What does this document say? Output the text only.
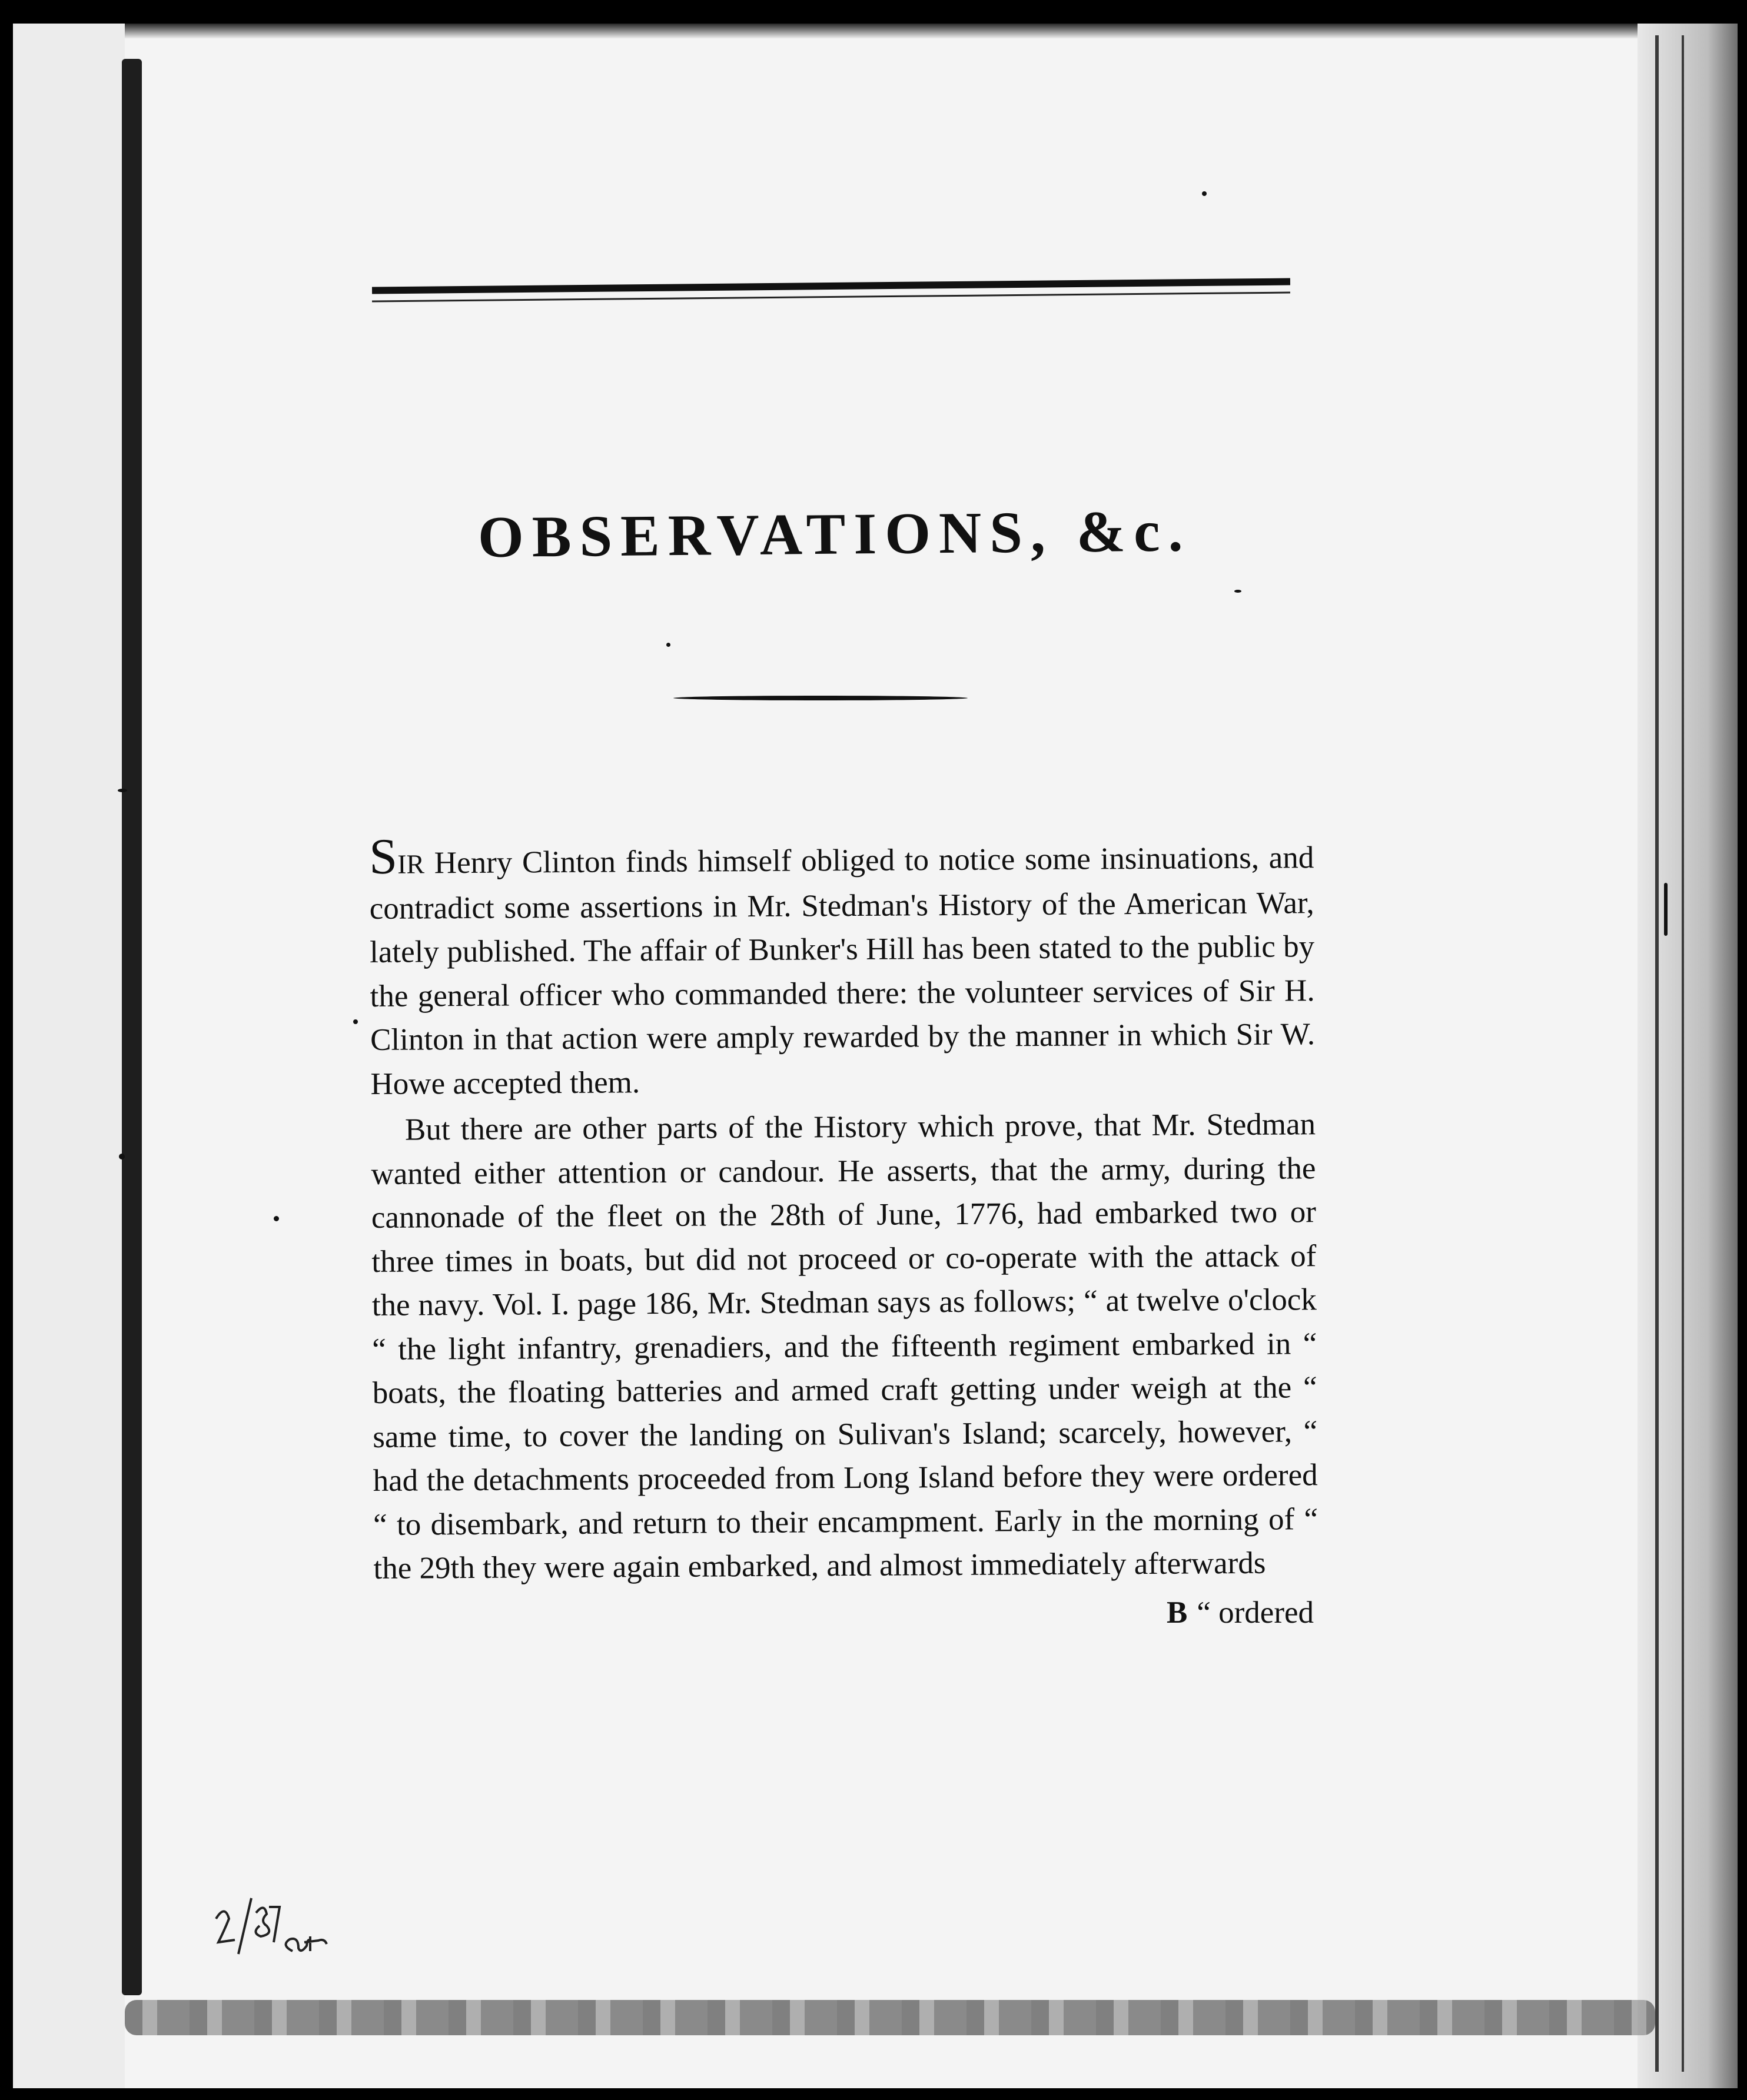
OBSERVATIONS, &c.

SIR Henry Clinton finds himself obliged to notice some insinuations, and contradict some assertions in Mr. Stedman's History of the American War, lately published. The affair of Bunker's Hill has been stated to the public by the general officer who commanded there: the volunteer services of Sir H. Clinton in that action were amply rewarded by the manner in which Sir W. Howe accepted them.

But there are other parts of the History which prove, that Mr. Stedman wanted either attention or candour. He asserts, that the army, during the cannonade of the fleet on the 28th of June, 1776, had embarked two or three times in boats, but did not proceed or co-operate with the attack of the navy. Vol. I. page 186, Mr. Stedman says as follows; “ at twelve o'clock “ the light infantry, grenadiers, and the fifteenth regiment embarked in “ boats, the floating batteries and armed craft getting under weigh at the “ same time, to cover the landing on Sulivan's Island; scarcely, however, “ had the detachments proceeded from Long Island before they were ordered “ to disembark, and return to their encampment. Early in the morning of “ the 29th they were again embarked, and almost immediately afterwards

B “ ordered
